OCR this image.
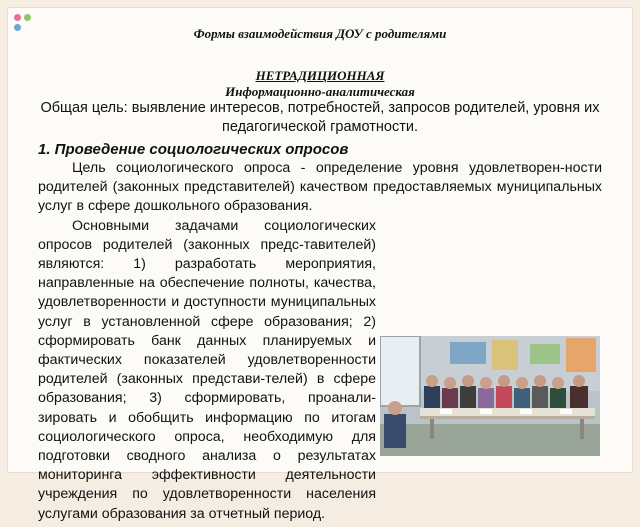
Формы взаимодействия ДОУ с родителями
НЕТРАДИЦИОННАЯ
Информационно-аналитическая
Общая цель: выявление интересов, потребностей, запросов родителей, уровня их педагогической грамотности.
1. Проведение социологических опросов

Цель социологического опроса - определение уровня удовлетворен-ности родителей (законных представителей) качеством предоставляемых муниципальных услуг в сфере дошкольного образования.

Основными задачами социологических опросов родителей (законных предс-тавителей) являются: 1) разработать мероприятия, направленные на обеспечение полноты, качества, удовлетворенности и доступности муниципальных услуг в установленной сфере образования; 2) сформировать банк данных планируемых и фактических показателей удовлетворенности родителей (законных представи-телей) в сфере образования; 3) сформировать, проанали-зировать и обобщить информацию по итогам социологического опроса, необходимую для подготовки сводного анализа о результатах мониторинга эффективности деятельности учреждения по удовлетворенности населения услугами образования за отчетный период.
